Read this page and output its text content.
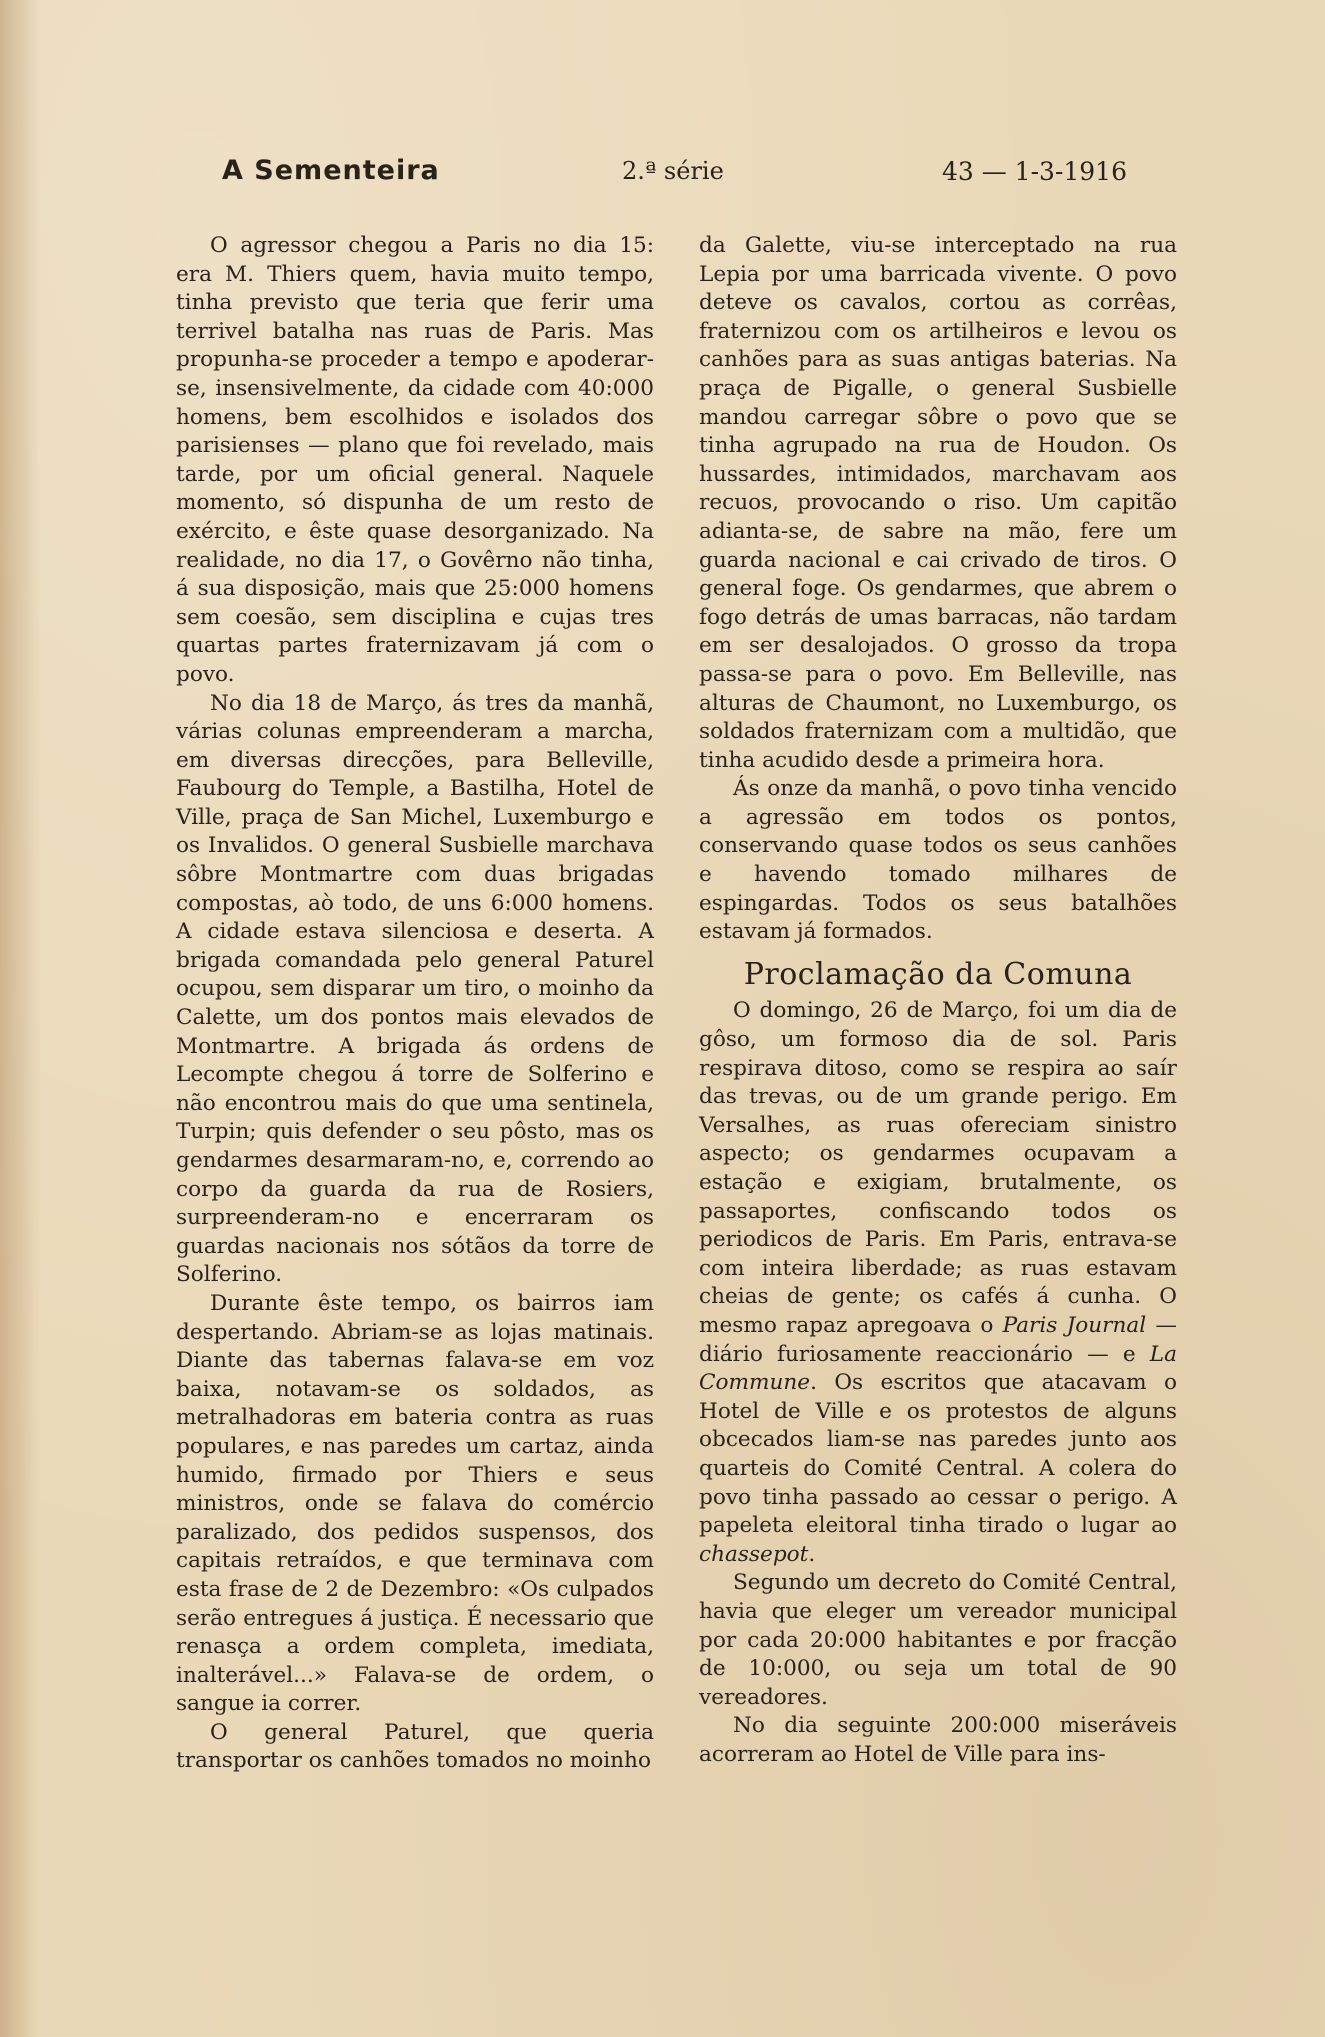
A Sementeira	2.ª série	43 — 1-3-1916

O agressor chegou a Paris no dia 15: era M. Thiers quem, havia muito tempo, tinha previsto que teria que ferir uma terrivel batalha nas ruas de Paris. Mas propunha-se proceder a tempo e apoderar-se, insensivelmente, da cidade com 40:000 homens, bem escolhidos e isolados dos parisienses — plano que foi revelado, mais tarde, por um oficial general. Naquele momento, só dispunha de um resto de exército, e êste quase desorganizado. Na realidade, no dia 17, o Govêrno não tinha, á sua disposição, mais que 25:000 homens sem coesão, sem disciplina e cujas tres quartas partes fraternizavam já com o povo.

No dia 18 de Março, ás tres da manhã, várias colunas empreenderam a marcha, em diversas direcções, para Belleville, Faubourg do Temple, a Bastilha, Hotel de Ville, praça de San Michel, Luxemburgo e os Invalidos. O general Susbielle marchava sôbre Montmartre com duas brigadas compostas, aò todo, de uns 6:000 homens. A cidade estava silenciosa e deserta. A brigada comandada pelo general Paturel ocupou, sem disparar um tiro, o moinho da Calette, um dos pontos mais elevados de Montmartre. A brigada ás ordens de Lecompte chegou á torre de Solferino e não encontrou mais do que uma sentinela, Turpin; quis defender o seu pôsto, mas os gendarmes desarmaram-no, e, correndo ao corpo da guarda da rua de Rosiers, surpreenderam-no e encerraram os guardas nacionais nos sótãos da torre de Solferino.

Durante êste tempo, os bairros iam despertando. Abriam-se as lojas matinais. Diante das tabernas falava-se em voz baixa, notavam-se os soldados, as metralhadoras em bateria contra as ruas populares, e nas paredes um cartaz, ainda humido, firmado por Thiers e seus ministros, onde se falava do comércio paralizado, dos pedidos suspensos, dos capitais retraídos, e que terminava com esta frase de 2 de Dezembro: «Os culpados serão entregues á justiça. É necessario que renasça a ordem completa, imediata, inalterável...» Falava-se de ordem, o sangue ia correr.

O general Paturel, que queria transportar os canhões tomados no moinho

da Galette, viu-se interceptado na rua Lepia por uma barricada vivente. O povo deteve os cavalos, cortou as corrêas, fraternizou com os artilheiros e levou os canhões para as suas antigas baterias. Na praça de Pigalle, o general Susbielle mandou carregar sôbre o povo que se tinha agrupado na rua de Houdon. Os hussardes, intimidados, marchavam aos recuos, provocando o riso. Um capitão adianta-se, de sabre na mão, fere um guarda nacional e cai crivado de tiros. O general foge. Os gendarmes, que abrem o fogo detrás de umas barracas, não tardam em ser desalojados. O grosso da tropa passa-se para o povo. Em Belleville, nas alturas de Chaumont, no Luxemburgo, os soldados fraternizam com a multidão, que tinha acudido desde a primeira hora.

Ás onze da manhã, o povo tinha vencido a agressão em todos os pontos, conservando quase todos os seus canhões e havendo tomado milhares de espingardas. Todos os seus batalhões estavam já formados.

Proclamação da Comuna

O domingo, 26 de Março, foi um dia de gôso, um formoso dia de sol. Paris respirava ditoso, como se respira ao saír das trevas, ou de um grande perigo. Em Versalhes, as ruas ofereciam sinistro aspecto; os gendarmes ocupavam a estação e exigiam, brutalmente, os passaportes, confiscando todos os periodicos de Paris. Em Paris, entrava-se com inteira liberdade; as ruas estavam cheias de gente; os cafés á cunha. O mesmo rapaz apregoava o Paris Journal — diário furiosamente reaccionário — e La Commune. Os escritos que atacavam o Hotel de Ville e os protestos de alguns obcecados liam-se nas paredes junto aos quarteis do Comité Central. A colera do povo tinha passado ao cessar o perigo. A papeleta eleitoral tinha tirado o lugar ao chassepot.

Segundo um decreto do Comité Central, havia que eleger um vereador municipal por cada 20:000 habitantes e por fracção de 10:000, ou seja um total de 90 vereadores.

No dia seguinte 200:000 miseráveis acorreram ao Hotel de Ville para ins-
